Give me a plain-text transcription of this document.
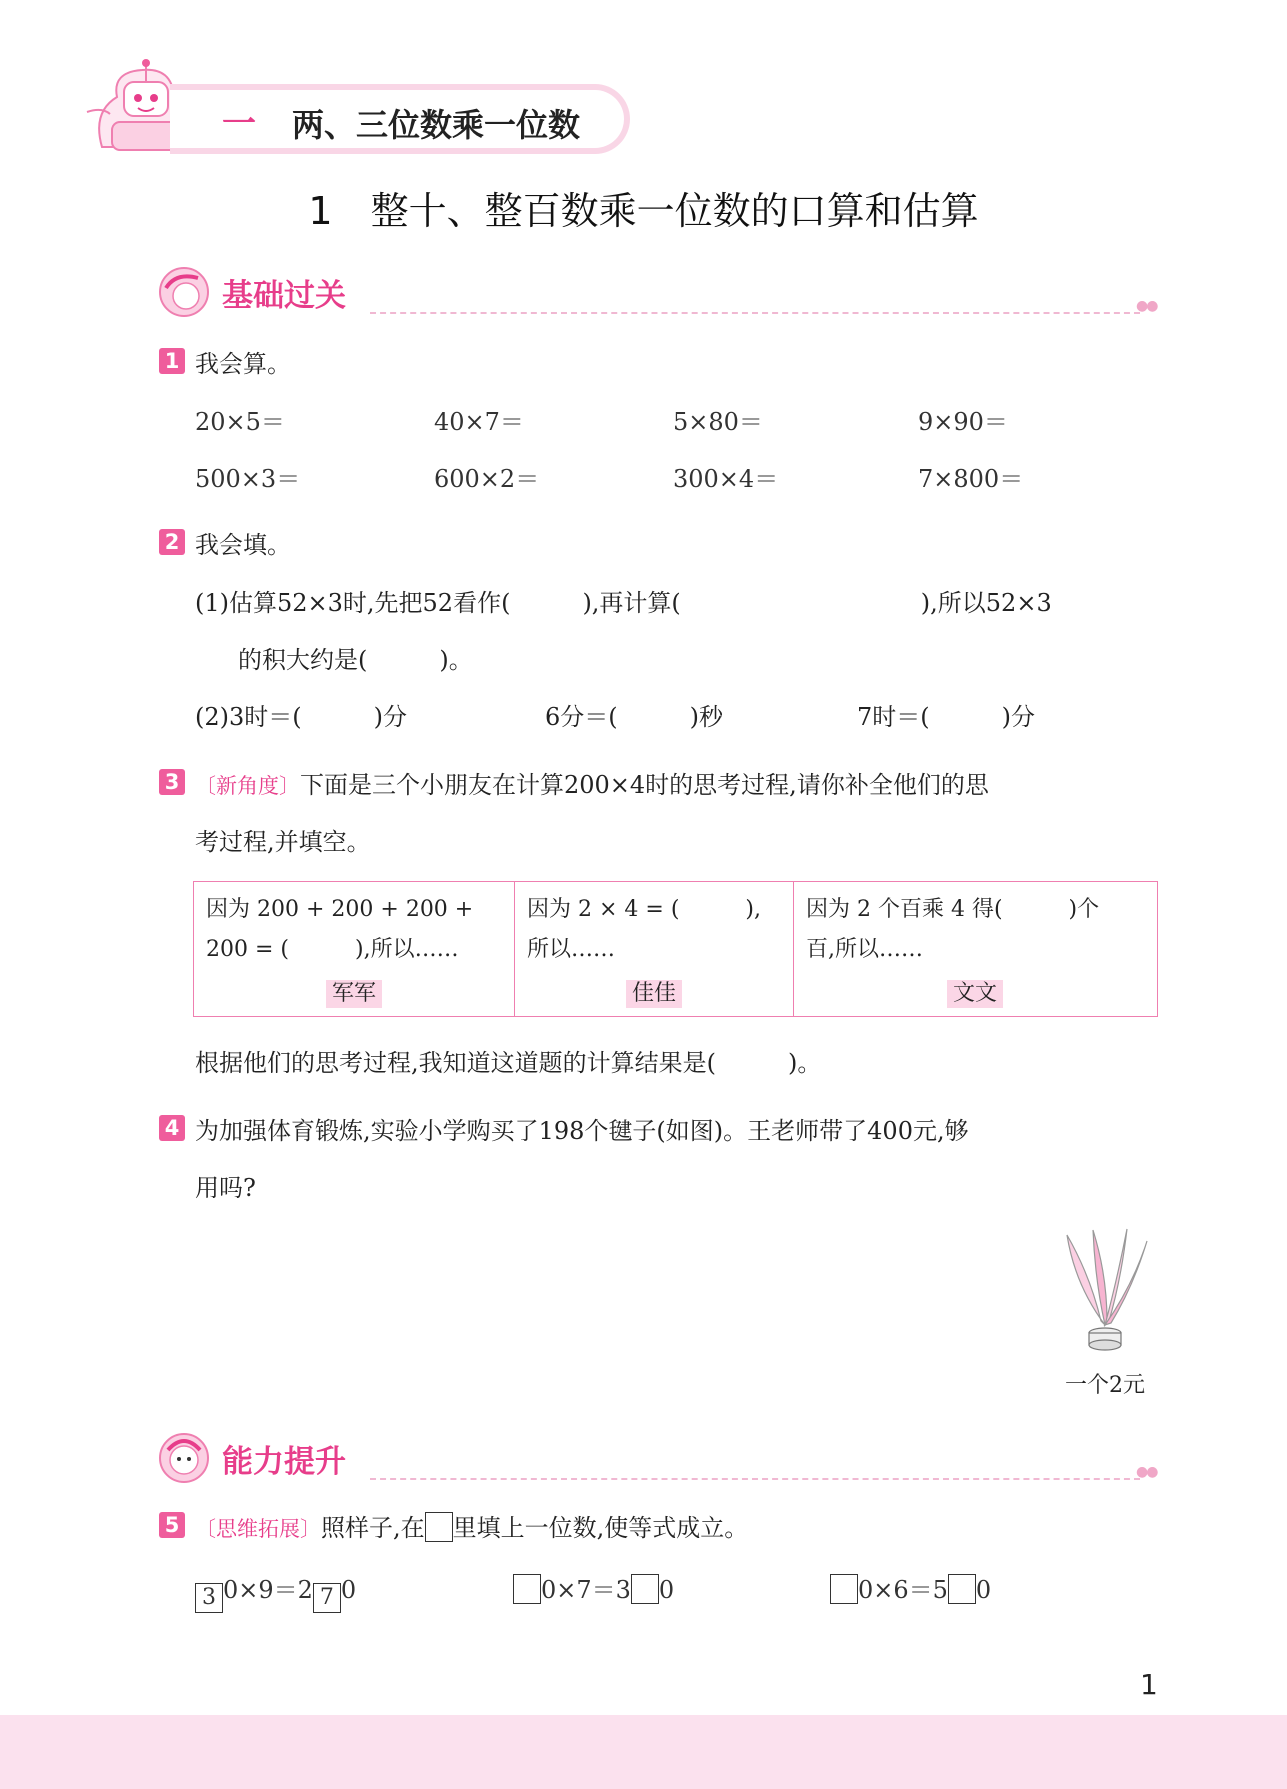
一 两、三位数乘一位数
1　整十、整百数乘一位数的口算和估算
基础过关	●●
1 我会算。
20×5＝	40×7＝	5×80＝	9×90＝
500×3＝	600×2＝	300×4＝	7×800＝
2 我会填。
(1)估算52×3时,先把52看作(　　　),再计算(　　　　　　　　　　),所以52×3
的积大约是(　　　)。
(2)3时＝(　　　)分	6分＝(　　　)秒	7时＝(　　　)分
3 〔新角度〕下面是三个小朋友在计算200×4时的思考过程,请你补全他们的思
考过程,并填空。
因为 200 + 200 + 200 +
200 = (　　　),所以……
军军
因为 2 × 4 = (　　　),
所以……
佳佳
因为 2 个百乘 4 得(　　　)个
百,所以……
文文
根据他们的思考过程,我知道这道题的计算结果是(　　　)。
4 为加强体育锻炼,实验小学购买了198个毽子(如图)。王老师带了400元,够
用吗?
一个2元
能力提升	●●
5 〔思维拓展〕照样子,在 里填上一位数,使等式成立。
3 0×9＝2 7 0	0×7＝3 0	0×6＝5 0
1
